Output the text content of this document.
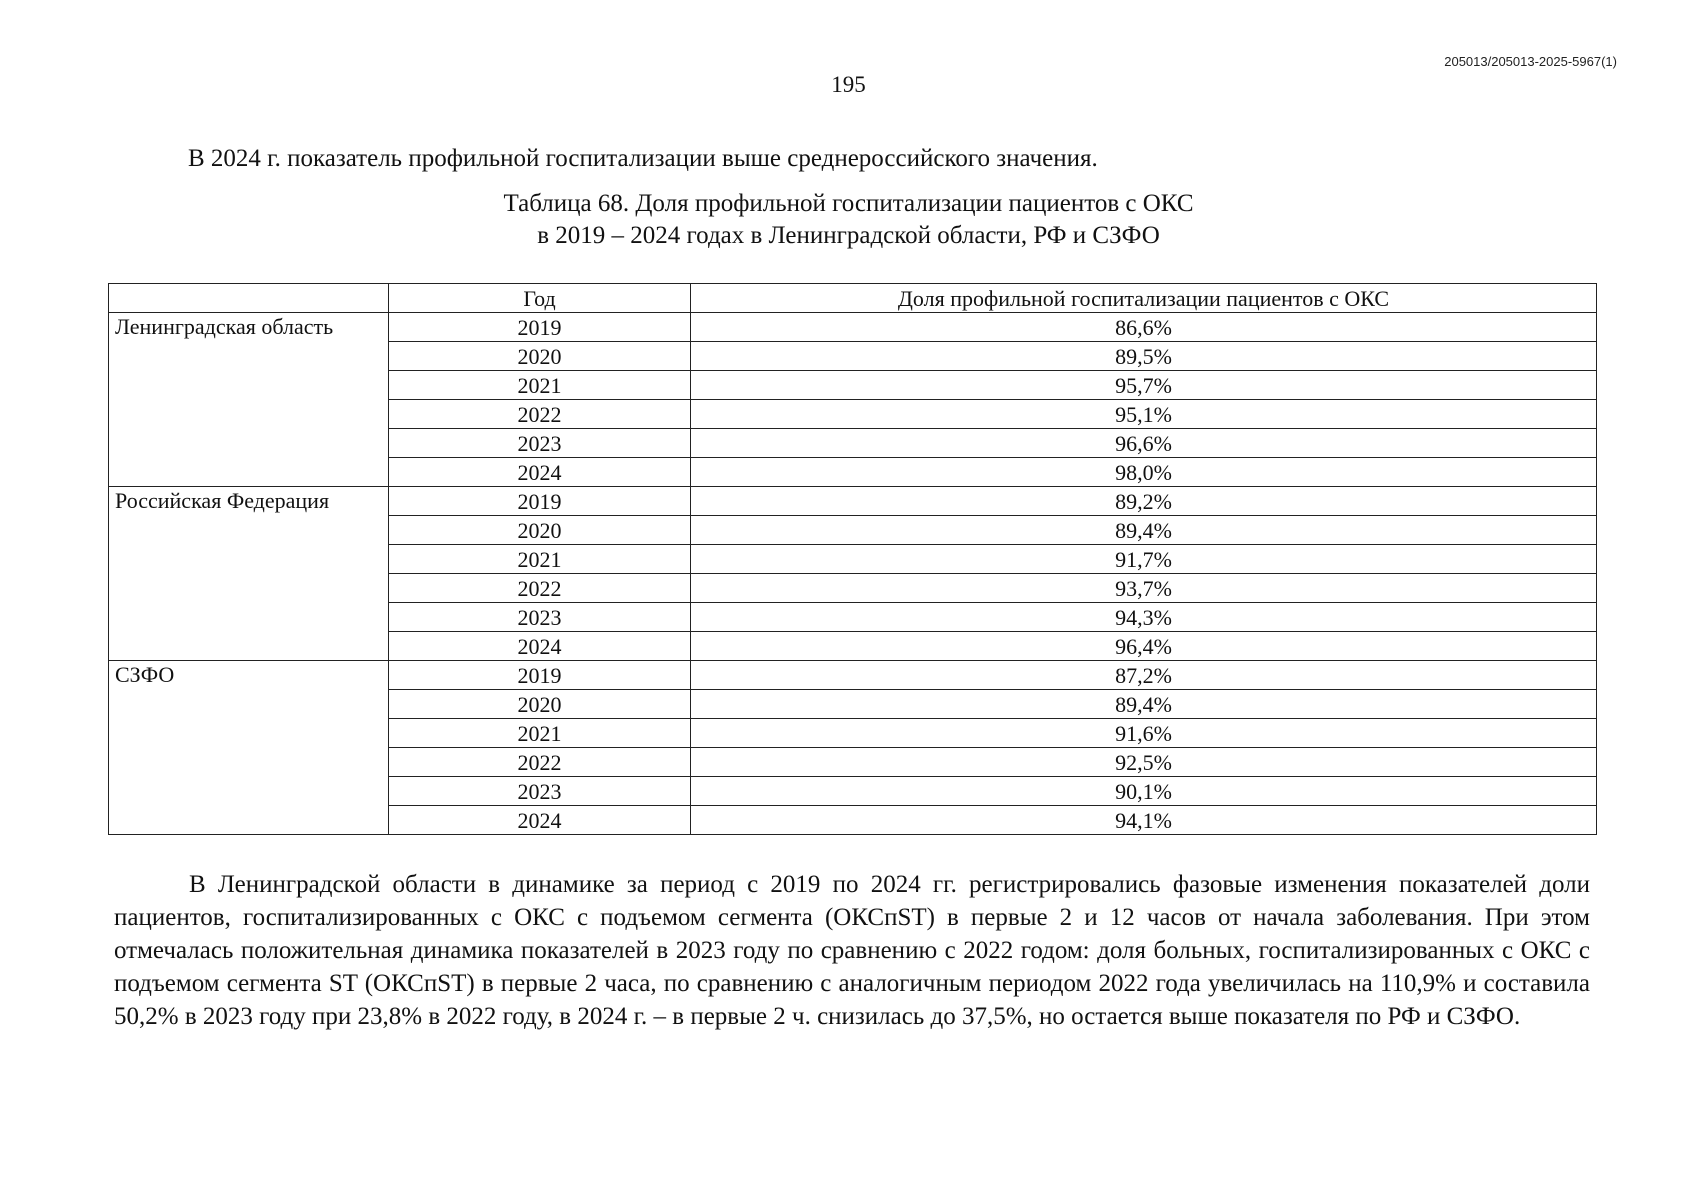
205013/205013-2025-5967(1)
195
В 2024 г. показатель профильной госпитализации выше среднероссийского значения.
Таблица 68. Доля профильной госпитализации пациентов с ОКС
в 2019 – 2024 годах в Ленинградской области, РФ и СЗФО
	Год	Доля профильной госпитализации пациентов с ОКС
Ленинградская область	2019	86,6%
	2020	89,5%
	2021	95,7%
	2022	95,1%
	2023	96,6%
	2024	98,0%
Российская Федерация	2019	89,2%
	2020	89,4%
	2021	91,7%
	2022	93,7%
	2023	94,3%
	2024	96,4%
СЗФО	2019	87,2%
	2020	89,4%
	2021	91,6%
	2022	92,5%
	2023	90,1%
	2024	94,1%
В Ленинградской области в динамике за период с 2019 по 2024 гг. регистрировались фазовые изменения показателей доли пациентов, госпитализированных с ОКС с подъемом сегмента (ОКСпST) в первые 2 и 12 часов от начала заболевания. При этом отмечалась положительная динамика показателей в 2023 году по сравнению с 2022 годом: доля больных, госпитализированных с ОКС с подъемом сегмента ST (ОКСпST) в первые 2 часа, по сравнению с аналогичным периодом 2022 года увеличилась на 110,9% и составила 50,2% в 2023 году при 23,8% в 2022 году, в 2024 г. – в первые 2 ч. снизилась до 37,5%, но остается выше показателя по РФ и СЗФО.
